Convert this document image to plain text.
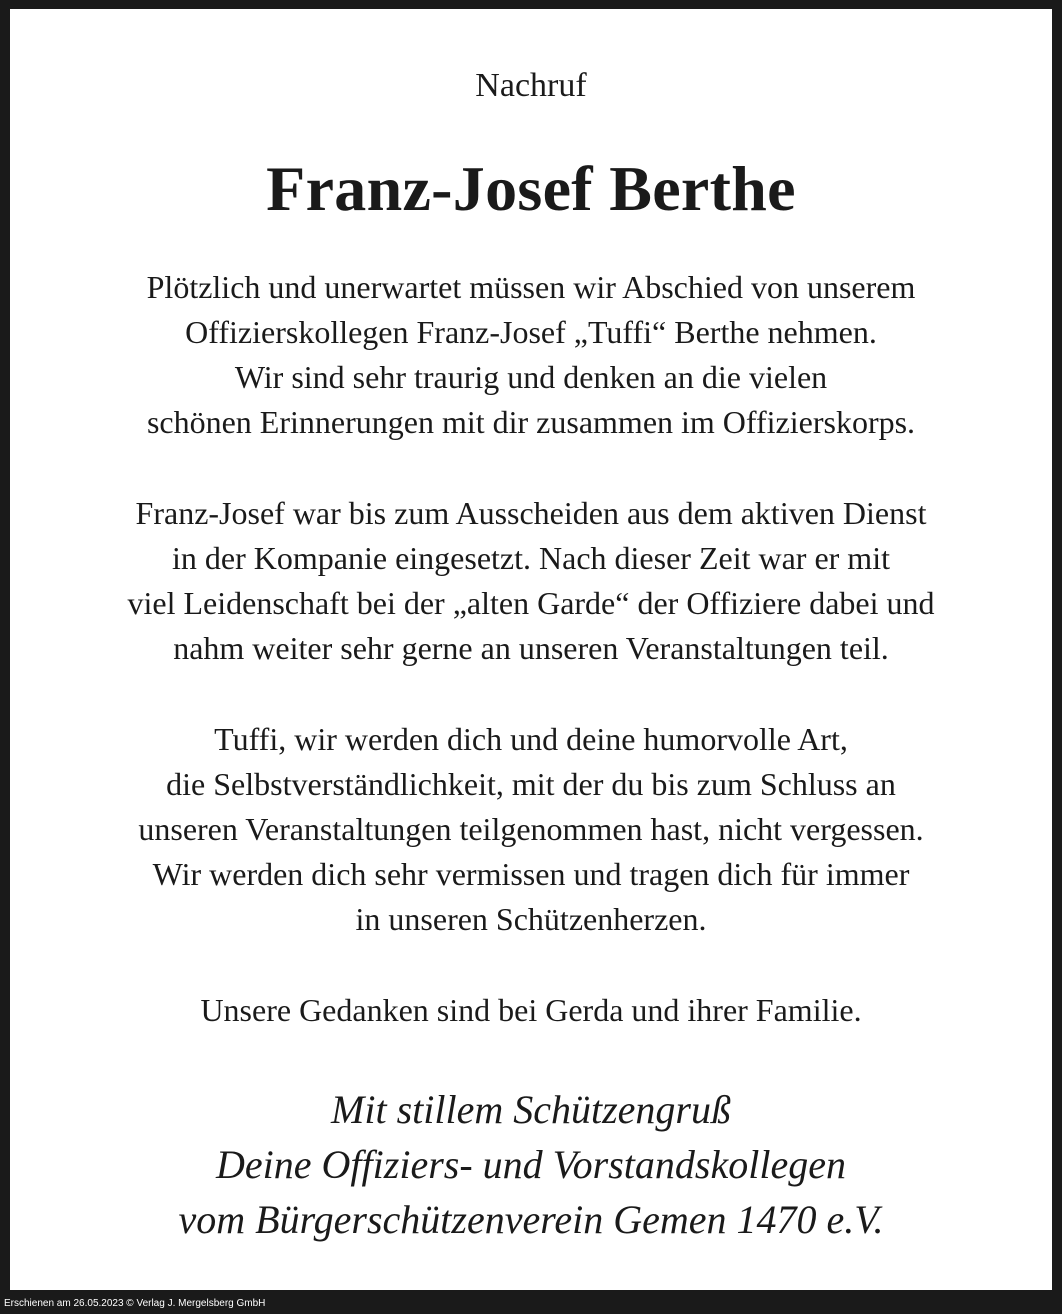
Nachruf
Franz-Josef Berthe
Plötzlich und unerwartet müssen wir Abschied von unserem
Offizierskollegen Franz-Josef „Tuffi“ Berthe nehmen.
Wir sind sehr traurig und denken an die vielen
schönen Erinnerungen mit dir zusammen im Offizierskorps.
Franz-Josef war bis zum Ausscheiden aus dem aktiven Dienst
in der Kompanie eingesetzt. Nach dieser Zeit war er mit
viel Leidenschaft bei der „alten Garde“ der Offiziere dabei und
nahm weiter sehr gerne an unseren Veranstaltungen teil.
Tuffi, wir werden dich und deine humorvolle Art,
die Selbstverständlichkeit, mit der du bis zum Schluss an
unseren Veranstaltungen teilgenommen hast, nicht vergessen.
Wir werden dich sehr vermissen und tragen dich für immer
in unseren Schützenherzen.
Unsere Gedanken sind bei Gerda und ihrer Familie.
Mit stillem Schützengruß
Deine Offiziers- und Vorstandskollegen
vom Bürgerschützenverein Gemen 1470 e.V.
Erschienen am 26.05.2023 © Verlag J. Mergelsberg GmbH
